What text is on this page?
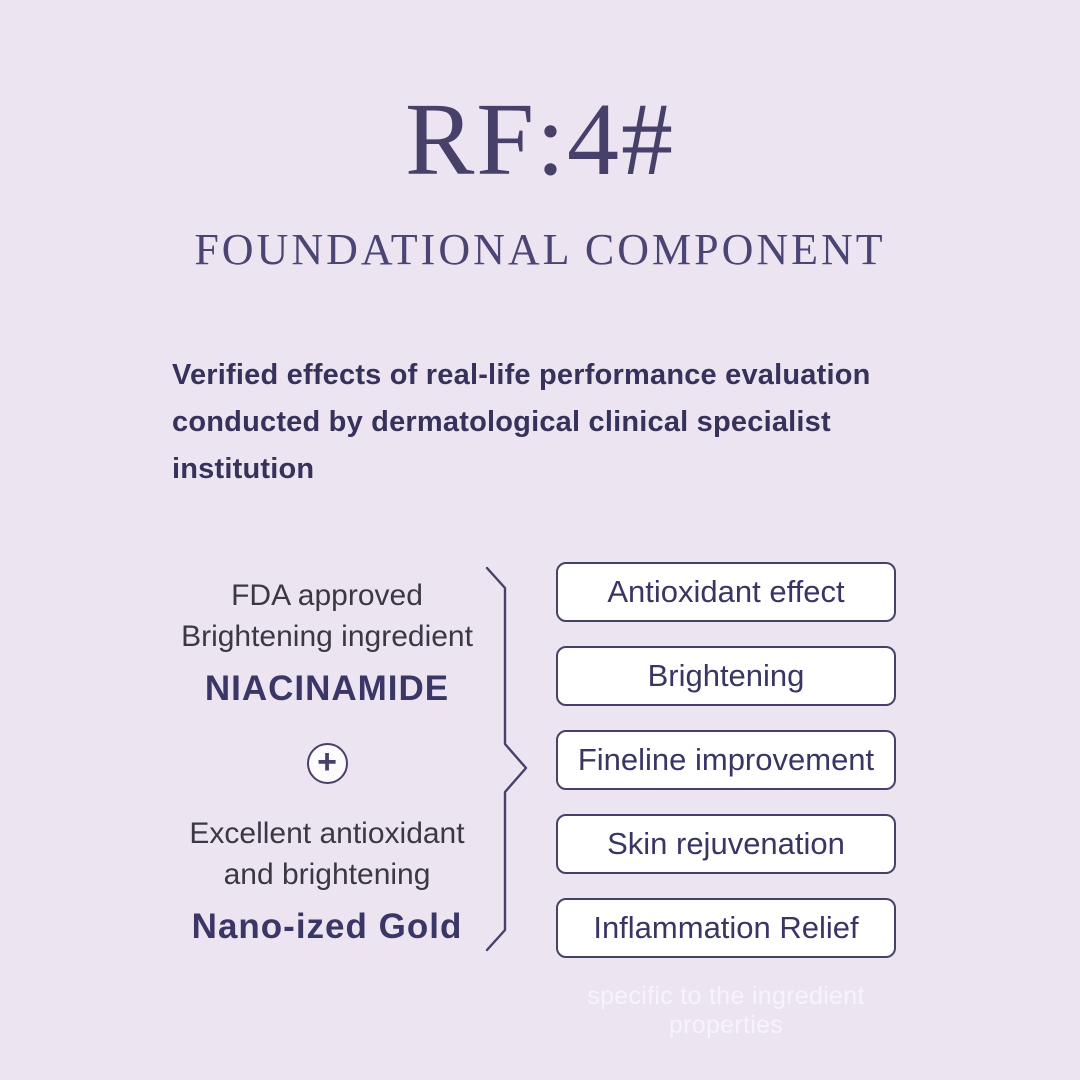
RF:4#
FOUNDATIONAL COMPONENT
Verified effects of real-life performance evaluation
conducted by dermatological clinical specialist
institution
FDA approved
Brightening ingredient
NIACINAMIDE
+
Excellent antioxidant
and brightening
Nano-ized Gold
Antioxidant effect
Brightening
Fineline improvement
Skin rejuvenation
Inflammation Relief
specific to the ingredient properties
